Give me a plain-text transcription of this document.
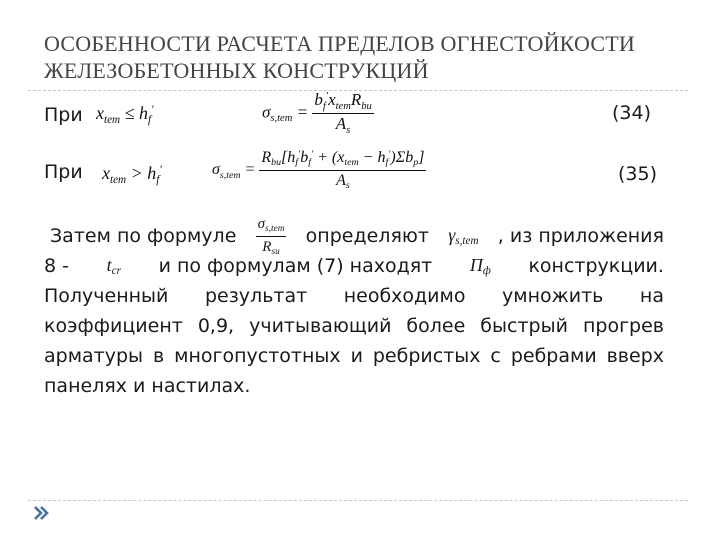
ОСОБЕННОСТИ РАСЧЕТА ПРЕДЕЛОВ ОГНЕСТОЙКОСТИ
ЖЕЛЕЗОБЕТОННЫХ КОНСТРУКЦИЙ
При $x_{tem} \le h_f'$	$\sigma_{s,tem} = \frac{b_f'x_{tem}R_{bu}}{A_s}$	(34)
При $x_{tem} > h_f'$	$\sigma_{s,tem} = \frac{R_{bu}[h_f'b_f' + (x_{tem} - h_f')\Sigma b_p]}{A_s}$	(35)
Затем по формуле $\frac{\sigma_{s,tem}}{R_{su}}$ определяют $\gamma_{s,tem}$ , из приложения
$8 - t_{cr}$ и по формулам (7) находят $П_ф$ конструкции.
Полученный результат необходимо умножить на
коэффициент 0,9, учитывающий более быстрый прогрев
арматуры в многопустотных и ребристых с ребрами вверх
панелях и настилах.
